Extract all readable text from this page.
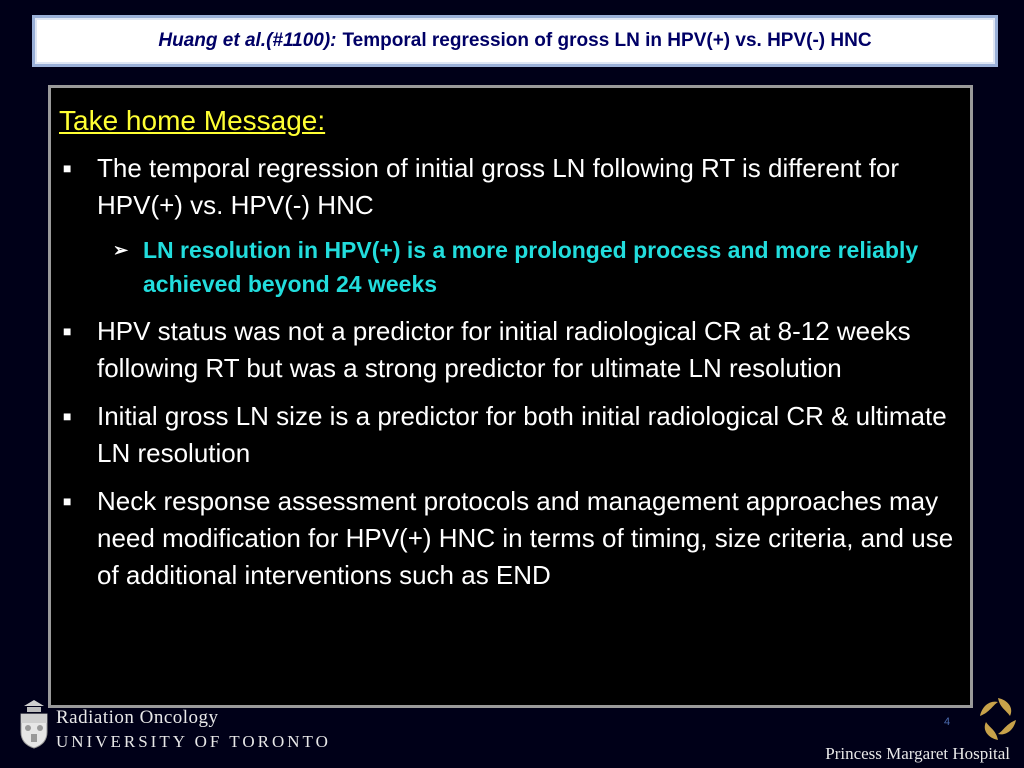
Huang et al.(#1100): Temporal regression of gross LN in HPV(+) vs. HPV(-) HNC
Take home Message:
■ The temporal regression of initial gross LN following RT is different for HPV(+) vs. HPV(-) HNC
➢ LN resolution in HPV(+) is a more prolonged process and more reliably achieved beyond 24 weeks
■ HPV status was not a predictor for initial radiological CR at 8-12 weeks following RT but was a strong predictor for ultimate LN resolution
■ Initial gross LN size is a predictor for both initial radiological CR & ultimate LN resolution
■ Neck response assessment protocols and management approaches may need modification for HPV(+) HNC in terms of timing, size criteria, and use of additional interventions such as END
Radiation Oncology
UNIVERSITY OF TORONTO
4
Princess Margaret Hospital
